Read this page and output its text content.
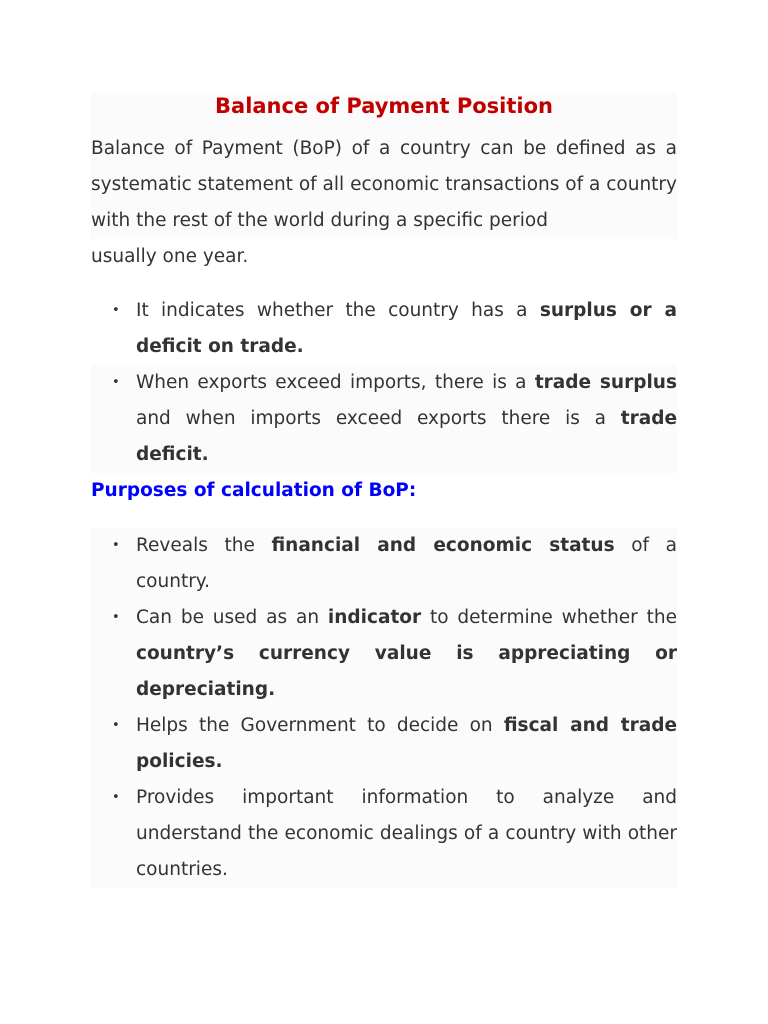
Balance of Payment Position

Balance of Payment (BoP) of a country can be defined as a systematic statement of all economic transactions of a country with the rest of the world during a specific period

usually one year.
• It indicates whether the country has a surplus or a deficit on trade.
• When exports exceed imports, there is a trade surplus and when imports exceed exports there is a trade deficit.
Purposes of calculation of BoP:
• Reveals the financial and economic status of a country.
• Can be used as an indicator to determine whether the country’s currency value is appreciating or depreciating.
• Helps the Government to decide on fiscal and trade policies.
• Provides important information to analyze and understand the economic dealings of a country with other countries.
